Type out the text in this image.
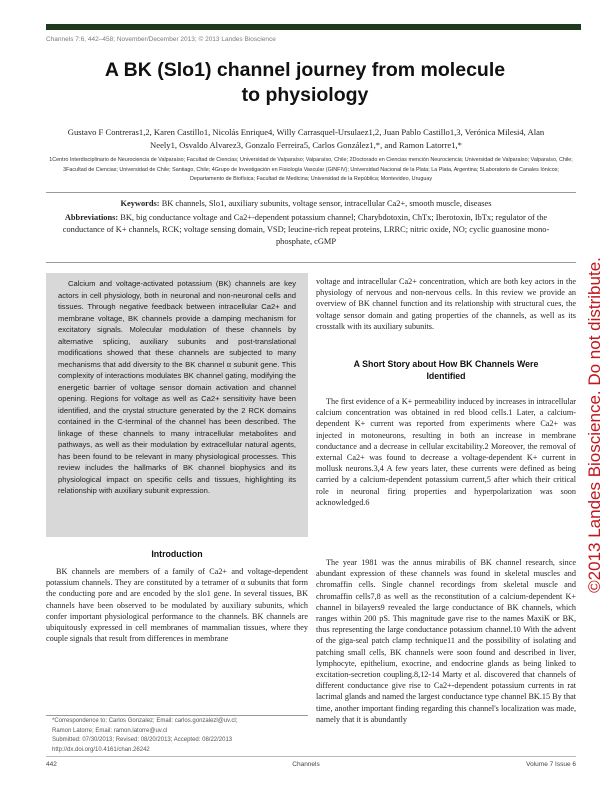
Channels 7:6, 442–458; November/December 2013; © 2013 Landes Bioscience
A BK (Slo1) channel journey from molecule to physiology
Gustavo F Contreras1,2, Karen Castillo1, Nicolás Enrique4, Willy Carrasquel-Ursulaez1,2, Juan Pablo Castillo1,3, Verónica Milesi4, Alan Neely1, Osvaldo Alvarez3, Gonzalo Ferreira5, Carlos González1,*, and Ramon Latorre1,*
1Centro Interdisciplinario de Neurociencia de Valparaíso; Facultad de Ciencias; Universidad de Valparaíso; Valparaíso, Chile; 2Doctorado en Ciencias mención Neurociencia; Universidad de Valparaíso; Valparaíso, Chile; 3Facultad de Ciencias; Universidad de Chile; Santiago, Chile; 4Grupo de Investigación en Fisiología Vascular (GINFIV); Universidad Nacional de la Plata; La Plata, Argentina; 5Laboratorio de Canales Iónicos; Departamento de Biofísica; Facultad de Medicina; Universidad de la República; Montevideo, Uruguay
Keywords: BK channels, Slo1, auxiliary subunits, voltage sensor, intracellular Ca2+, smooth muscle, diseases
Abbreviations: BK, big conductance voltage and Ca2+-dependent potassium channel; Charybdotoxin, ChTx; Iberotoxin, IbTx; regulator of the conductance of K+ channels, RCK; voltage sensing domain, VSD; leucine-rich repeat proteins, LRRC; nitric oxide, NO; cyclic guanosine mono-phosphate, cGMP
©2013 Landes Bioscience. Do not distribute.
Calcium and voltage-activated potassium (BK) channels are key actors in cell physiology, both in neuronal and non-neuronal cells and tissues. Through negative feedback between intracellular Ca2+ and membrane voltage, BK channels provide a damping mechanism for excitatory signals. Molecular modulation of these channels by alternative splicing, auxiliary subunits and post-translational modifications showed that these channels are subjected to many mechanisms that add diversity to the BK channel α subunit gene. This complexity of interactions modulates BK channel gating, modifying the energetic barrier of voltage sensor domain activation and channel opening. Regions for voltage as well as Ca2+ sensitivity have been identified, and the crystal structure generated by the 2 RCK domains contained in the C-terminal of the channel has been described. The linkage of these channels to many intracellular metabolites and pathways, as well as their modulation by extracellular natural agents, has been found to be relevant in many physiological processes. This review includes the hallmarks of BK channel biophysics and its physiological impact on specific cells and tissues, highlighting its relationship with auxiliary subunit expression.
Introduction
BK channels are members of a family of Ca2+ and voltage-dependent potassium channels. They are constituted by a tetramer of α subunits that form the conducting pore and are encoded by the slo1 gene. In several tissues, BK channels have been observed to be modulated by auxiliary subunits, which confer important physiological performance to the channels. BK channels are ubiquitously expressed in cell membranes of mammalian tissues, where they couple signals that result from differences in membrane
*Correspondence to: Carlos Gonzalez; Email: carlos.gonzalezl@uv.cl;
Ramon Latorre; Email: ramon.latorre@uv.cl
Submitted: 07/30/2013; Revised: 08/20/2013; Accepted: 08/22/2013
http://dx.doi.org/10.4161/chan.26242
voltage and intracellular Ca2+ concentration, which are both key actors in the physiology of nervous and non-nervous cells. In this review we provide an overview of BK channel function and its relationship with structural cues, the voltage sensor domain and gating properties of the channels, as well as its crosstalk with its auxiliary subunits.
A Short Story about How BK Channels Were Identified
The first evidence of a K+ permeability induced by increases in intracellular calcium concentration was obtained in red blood cells.1 Later, a calcium-dependent K+ current was reported from experiments where Ca2+ was injected in motoneurons, resulting in both an increase in membrane conductance and a decrease in cellular excitability.2 Moreover, the removal of external Ca2+ was found to decrease a voltage-dependent K+ current in mollusk neurons.3,4 A few years later, these currents were defined as being carried by a calcium-dependent potassium current,5 after which their critical role in neuronal firing properties and hyperpolarization was soon acknowledged.6
The year 1981 was the annus mirabilis of BK channel research, since abundant expression of these channels was found in skeletal muscles and chromaffin cells. Single channel recordings from skeletal muscle and chromaffin cells7,8 as well as the reconstitution of a calcium-dependent K+ channel in bilayers9 revealed the large conductance of BK channels, which ranges within 200 pS. This magnitude gave rise to the names MaxiK or BK, thus representing the large conductance potassium channel.10 With the advent of the giga-seal patch clamp technique11 and the possibility of isolating and patching small cells, BK channels were soon found and described in liver, lymphocyte, epithelium, exocrine, and endocrine glands as being linked to excitation-secretion coupling.8,12-14 Marty et al. discovered that channels of different conductance give rise to Ca2+-dependent potassium currents in rat lacrimal glands and named the largest conductance type channel BK.15 By that time, another important finding regarding this channel's localization was made, namely that it is abundantly
442	Channels	Volume 7 Issue 6
